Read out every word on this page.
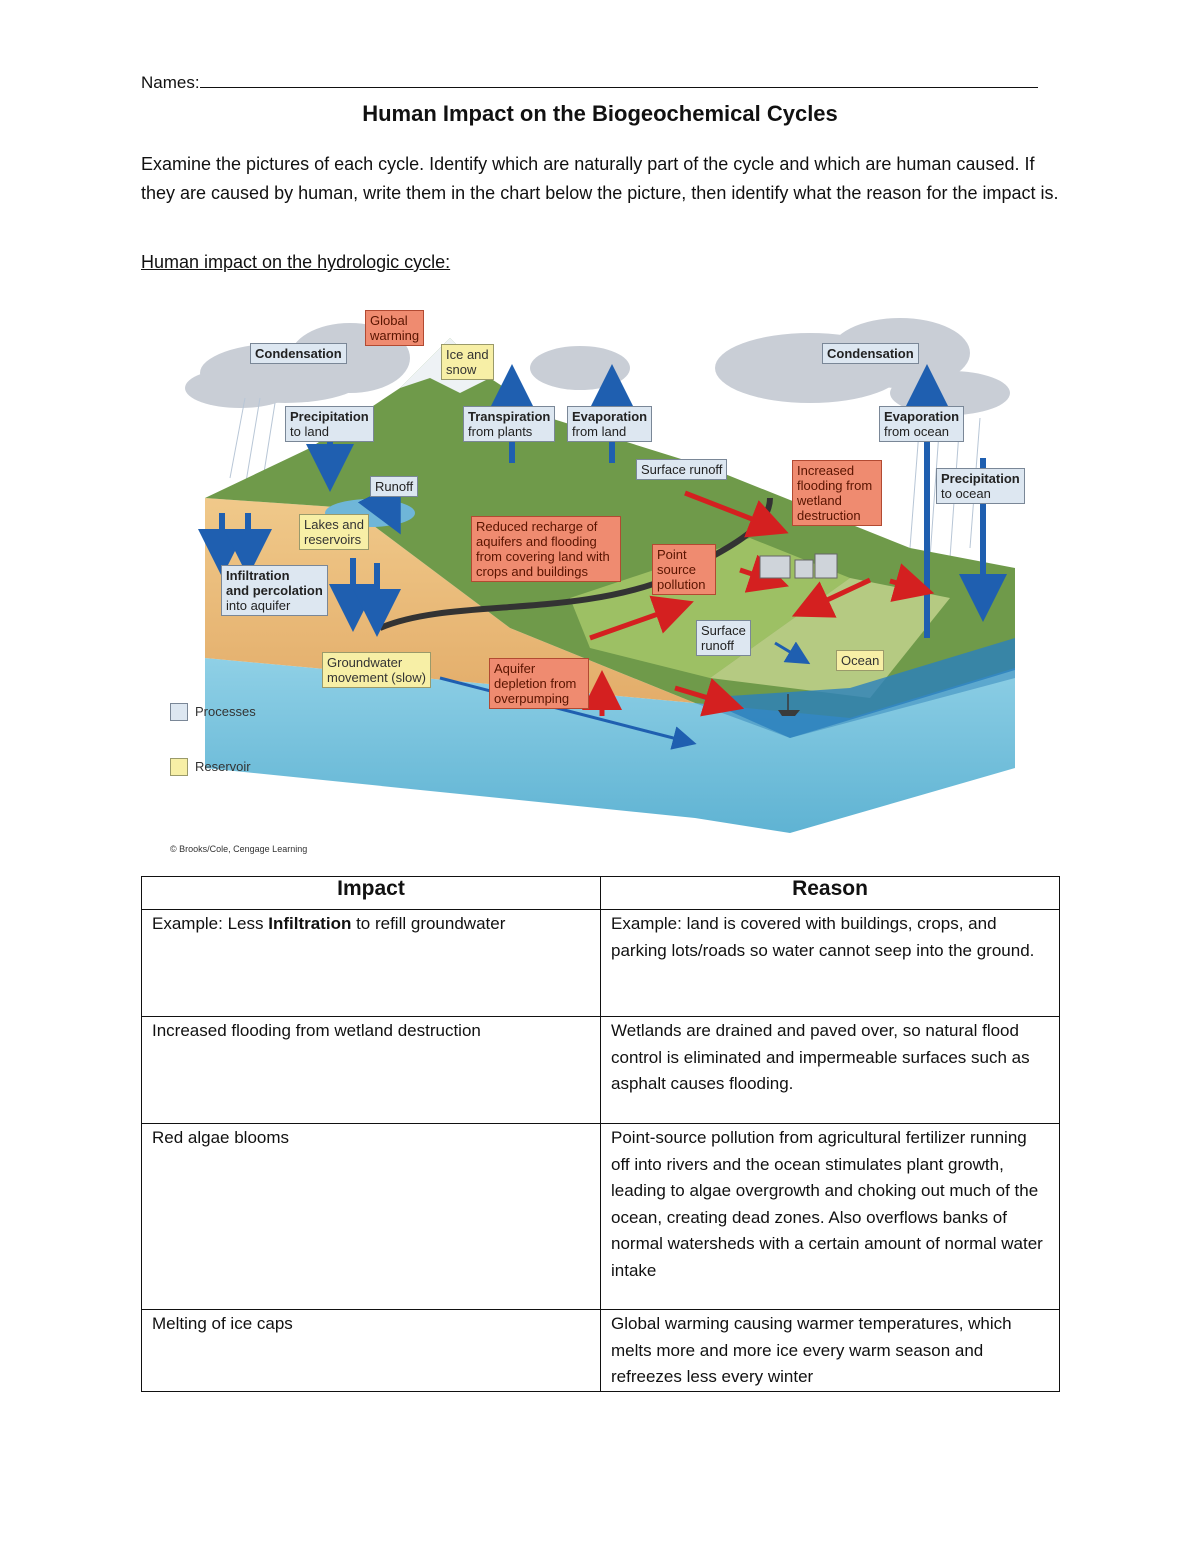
Names:
Human Impact on the Biogeochemical Cycles
Examine the pictures of each cycle. Identify which are naturally part of the cycle and which are human caused. If they are caused by human, write them in the chart below the picture, then identify what the reason for the impact is.
Human impact on the hydrologic cycle:
Condensation
Global
warming
Ice and
snow
Condensation
Precipitation
to land
Transpiration
from plants
Evaporation
from land
Evaporation
from ocean
Surface runoff	Increased flooding from wetland destruction
Precipitation
to ocean
Runoff
Lakes and
reservoirs
Reduced recharge of aquifers and flooding from covering land with crops and buildings
Point source pollution
Infiltration
and percolation
into aquifer
Surface
runoff
Ocean
Groundwater
movement (slow)
Aquifer depletion from overpumping
Processes
Reservoir
© Brooks/Cole, Cengage Learning
Impact	Reason
Example: Less Infiltration to refill groundwater	Example: land is covered with buildings, crops, and parking lots/roads so water cannot seep into the ground.
Increased flooding from wetland destruction	Wetlands are drained and paved over, so natural flood control is eliminated and impermeable surfaces such as asphalt causes flooding.
Red algae blooms	Point-source pollution from agricultural fertilizer running off into rivers and the ocean stimulates plant growth, leading to algae overgrowth and choking out much of the ocean, creating dead zones. Also overflows banks of normal watersheds with a certain amount of normal water intake
Melting of ice caps	Global warming causing warmer temperatures, which melts more and more ice every warm season and refreezes less every winter
